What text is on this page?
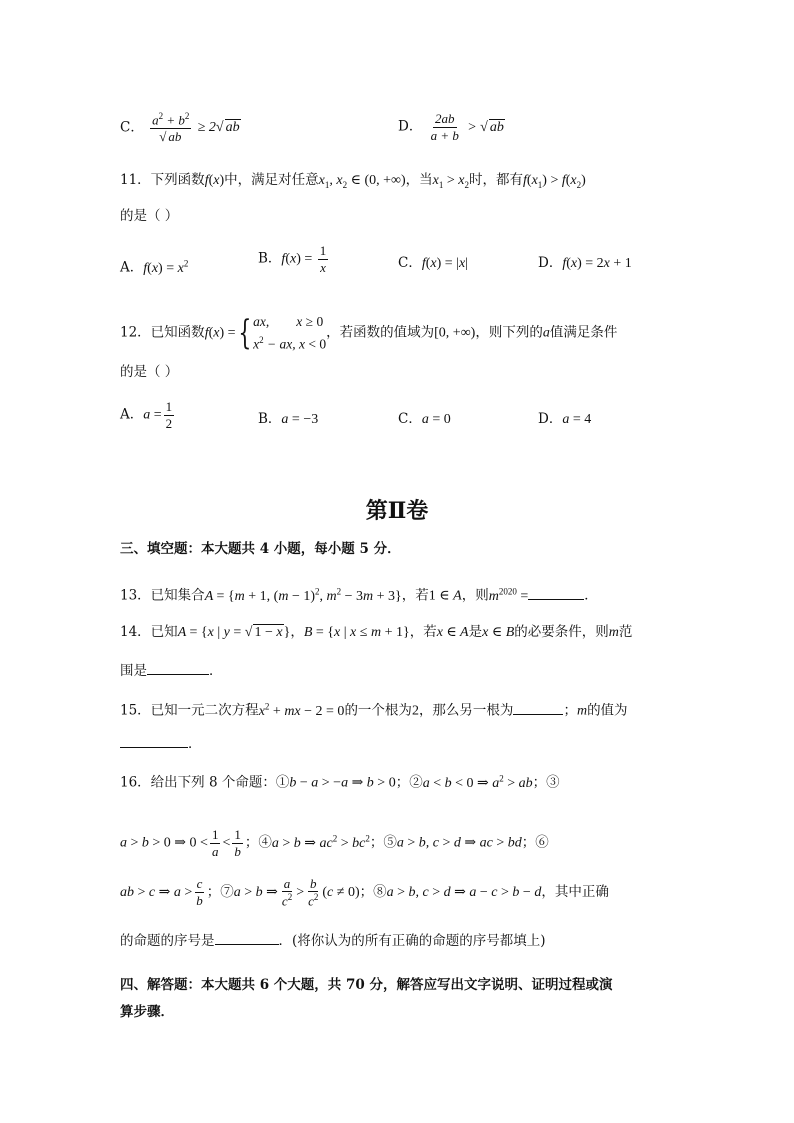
C． $\frac{a^2 + b^2}{√ ab} \ge 2√$ ab	D． $\frac{2ab}{a + b}$ > √ ab
11．下列函数f(x)中，满足对任意$x_1$, $x_2$ ∈ (0, +∞)，当$x_1 > x_2$时，都有$f(x_1) > f(x_2)$
的是（ ）
A．$f(x) = x^2$	B．$f(x) = \frac{1}{x}$	C．f(x) = |x|	D．f(x) = 2x + 1
12．已知函数f(x) ={ ax,        x ≥ 0
$x^2$ − ax, x < 0
，若函数的值域为[0, +∞)，则下列的a值满足条件
的是（ ）
A．$a = \frac{1}{2}$	B．a = −3	C．a = 0	D．a = 4
第Ⅱ卷
三、填空题：本大题共 4 小题，每小题 5 分．
13．已知集合A = {m + 1, $(m - 1)^2$, $m^2 - 3m + 3$}，若1 ∈ A，则$m^{2020}$ =	．
14．已知A = {x | y = √ 1 − x}，B = {x | x ≤ m + 1}，若x ∈ A是x ∈ B的必要条件，则m范
围是	．
15．已知一元二次方程$x^2$ + mx − 2 = 0的一个根为2，那么另一根为	；m的值为
．
16．给出下列 8 个命题：①b − a > −a ⇒ b > 0；②a < b < 0 ⇒ $a^2$ > ab；③
a > b > 0 ⇒ $0 < \frac{1}{a} < \frac{1}{b}$ ；④a > b ⇒ $ac^2 > bc^2$；⑤a > b, c > d ⇒ ac > bd；⑥
ab > c ⇒ $a > \frac{c}{b}$ ；⑦a > b ⇒ $\frac{a}{c^2} > \frac{b}{c^2} (c \ne 0)$；⑧a > b, c > d ⇒ a − c > b − d，其中正确
的命题的序号是	．(将你认为的所有正确的命题的序号都填上)
四、解答题：本大题共 6 个大题，共 70 分，解答应写出文字说明、证明过程或演
算步骤．
